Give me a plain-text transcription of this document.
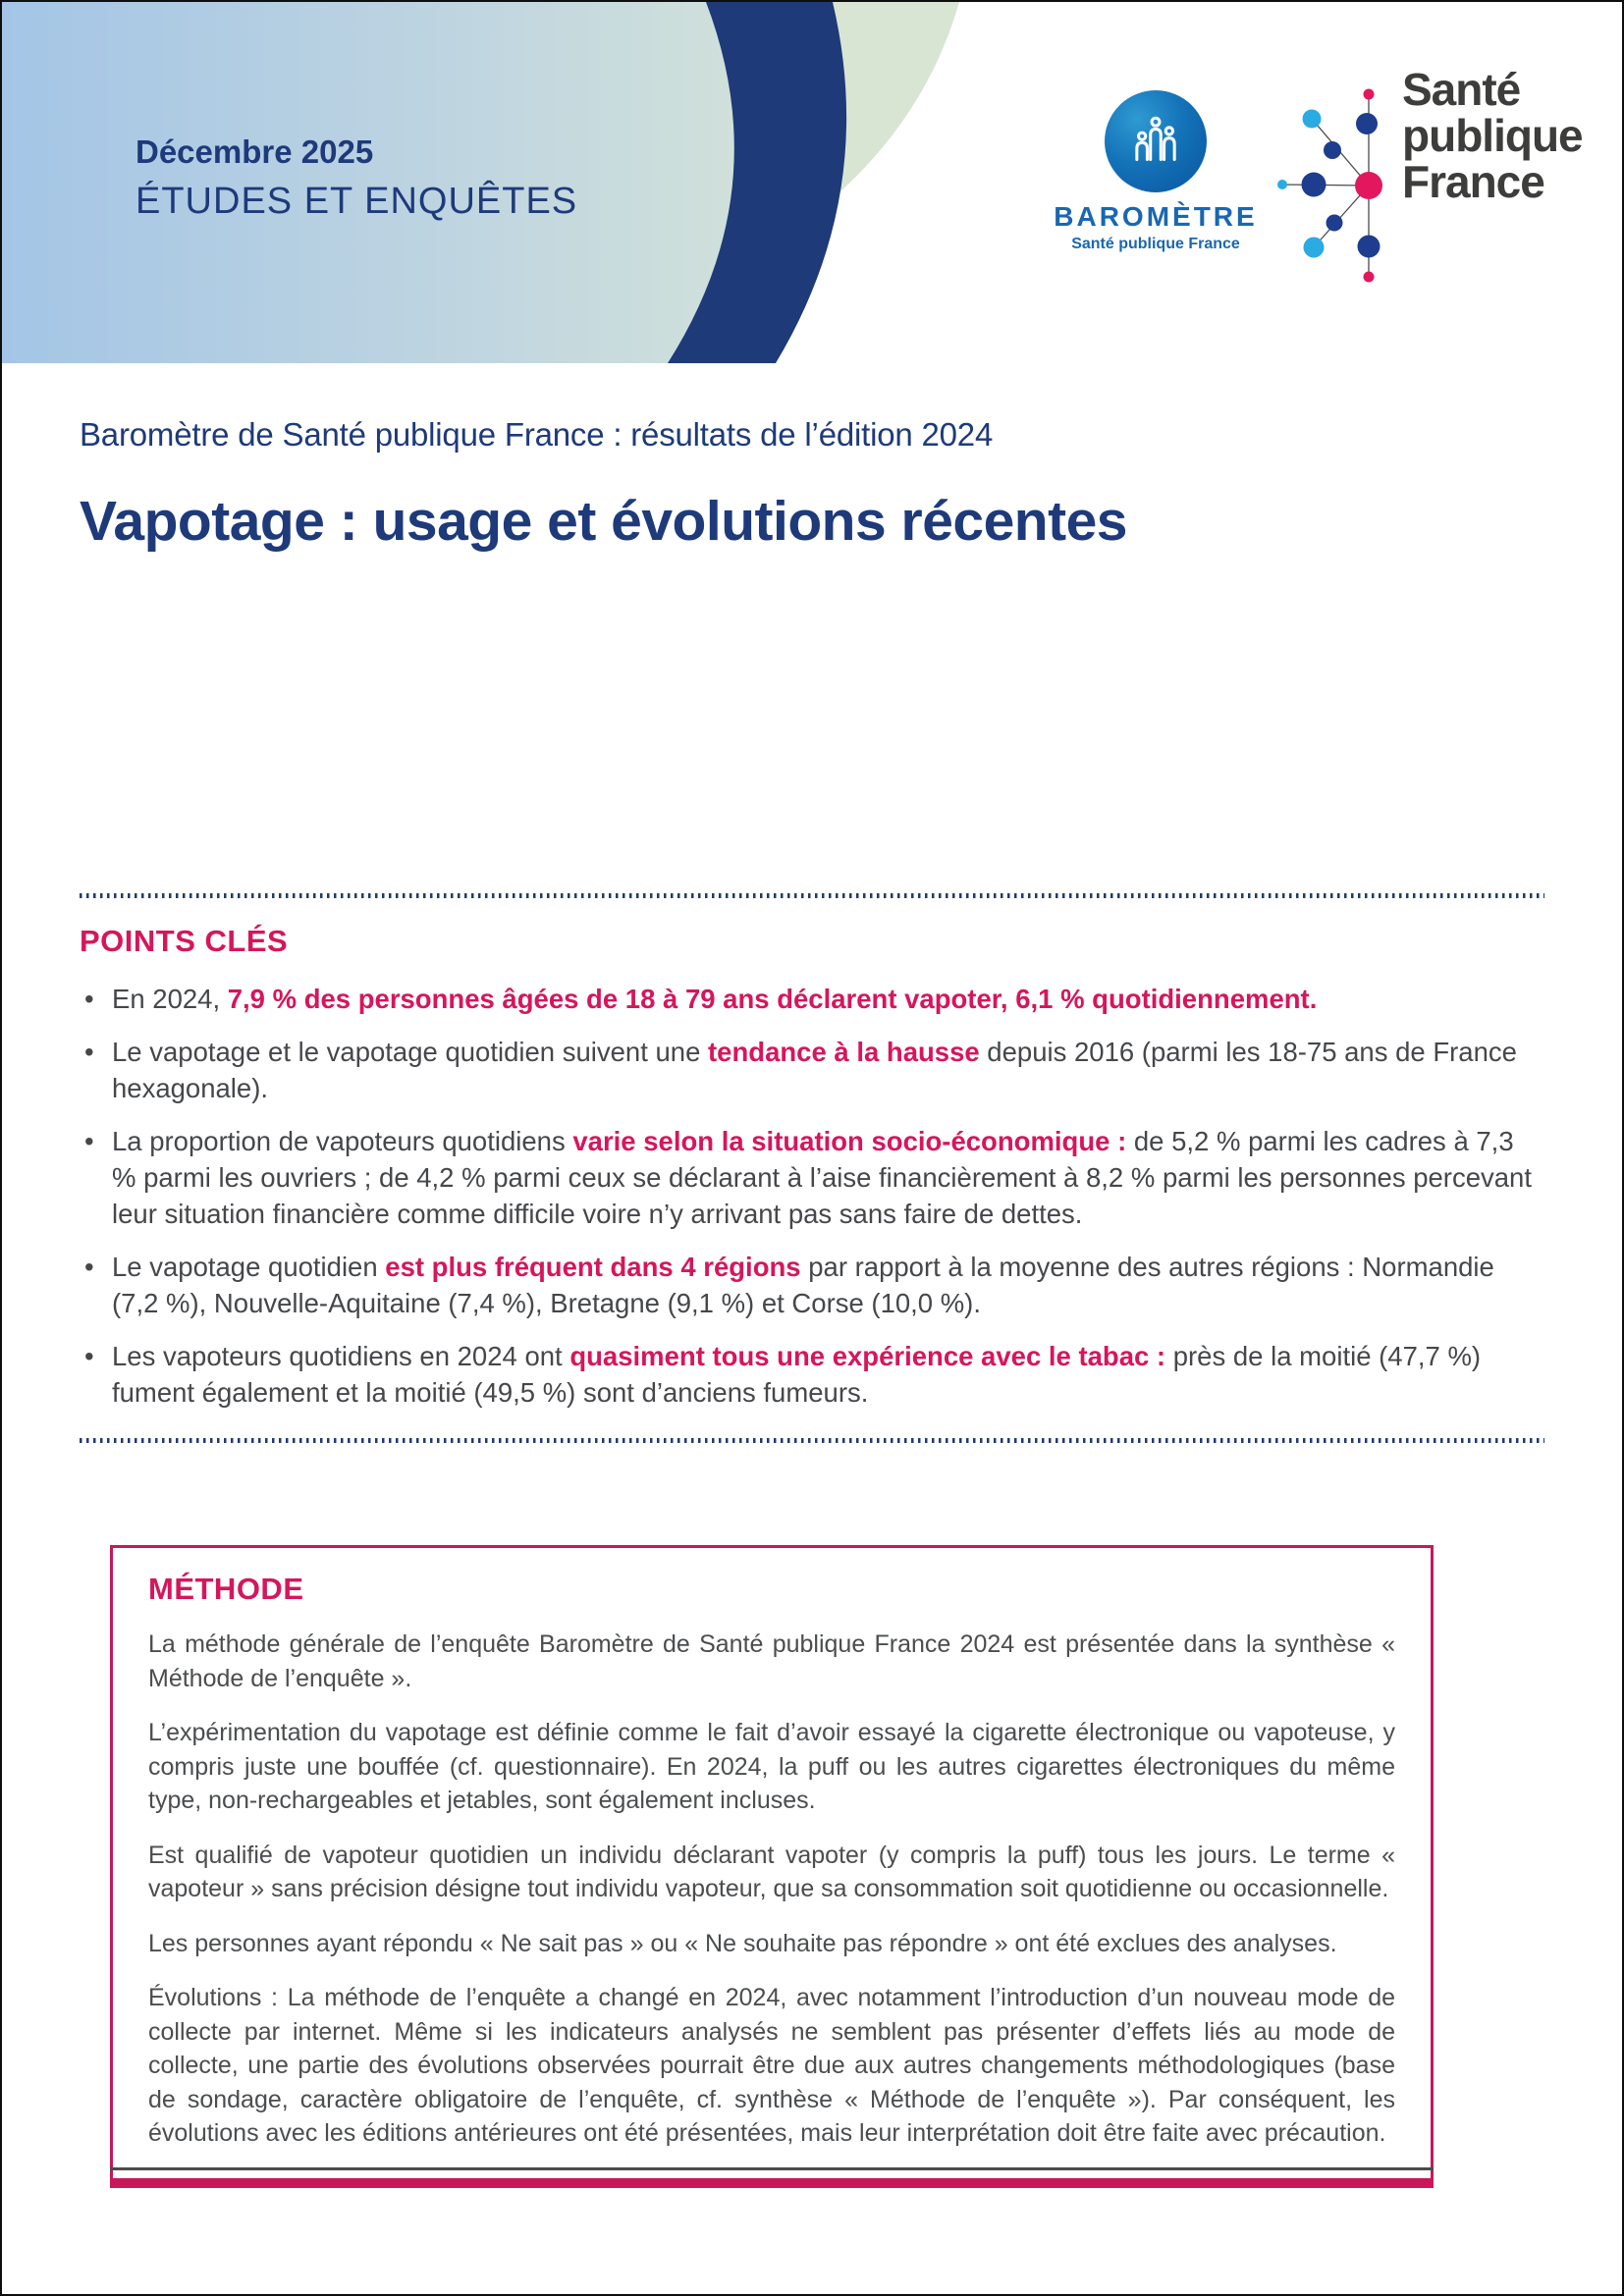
Décembre 2025
ÉTUDES ET ENQUÊTES	BAROMÈTRE
Santé publique France
Santé
publique
France
Baromètre de Santé publique France : résultats de l’édition 2024
Vapotage : usage et évolutions récentes
POINTS CLÉS
• En 2024, 7,9 % des personnes âgées de 18 à 79 ans déclarent vapoter, 6,1 % quotidiennement.
• Le vapotage et le vapotage quotidien suivent une tendance à la hausse depuis 2016 (parmi les 18-75 ans de France hexagonale).
• La proportion de vapoteurs quotidiens varie selon la situation socio-économique : de 5,2 % parmi les cadres à 7,3 % parmi les ouvriers ; de 4,2 % parmi ceux se déclarant à l’aise financièrement à 8,2 % parmi les personnes percevant leur situation financière comme difficile voire n’y arrivant pas sans faire de dettes.
• Le vapotage quotidien est plus fréquent dans 4 régions par rapport à la moyenne des autres régions : Normandie (7,2 %), Nouvelle-Aquitaine (7,4 %), Bretagne (9,1 %) et Corse (10,0 %).
• Les vapoteurs quotidiens en 2024 ont quasiment tous une expérience avec le tabac : près de la moitié (47,7 %) fument également et la moitié (49,5 %) sont d’anciens fumeurs.
MÉTHODE

La méthode générale de l’enquête Baromètre de Santé publique France 2024 est présentée dans la synthèse « Méthode de l’enquête ».

L’expérimentation du vapotage est définie comme le fait d’avoir essayé la cigarette électronique ou vapoteuse, y compris juste une bouffée (cf. questionnaire). En 2024, la puff ou les autres cigarettes électroniques du même type, non-rechargeables et jetables, sont également incluses.

Est qualifié de vapoteur quotidien un individu déclarant vapoter (y compris la puff) tous les jours. Le terme « vapoteur » sans précision désigne tout individu vapoteur, que sa consommation soit quotidienne ou occasionnelle.

Les personnes ayant répondu « Ne sait pas » ou « Ne souhaite pas répondre » ont été exclues des analyses.

Évolutions : La méthode de l’enquête a changé en 2024, avec notamment l’introduction d’un nouveau mode de collecte par internet. Même si les indicateurs analysés ne semblent pas présenter d’effets liés au mode de collecte, une partie des évolutions observées pourrait être due aux autres changements méthodologiques (base de sondage, caractère obligatoire de l’enquête, cf. synthèse « Méthode de l’enquête »). Par conséquent, les évolutions avec les éditions antérieures ont été présentées, mais leur interprétation doit être faite avec précaution.
